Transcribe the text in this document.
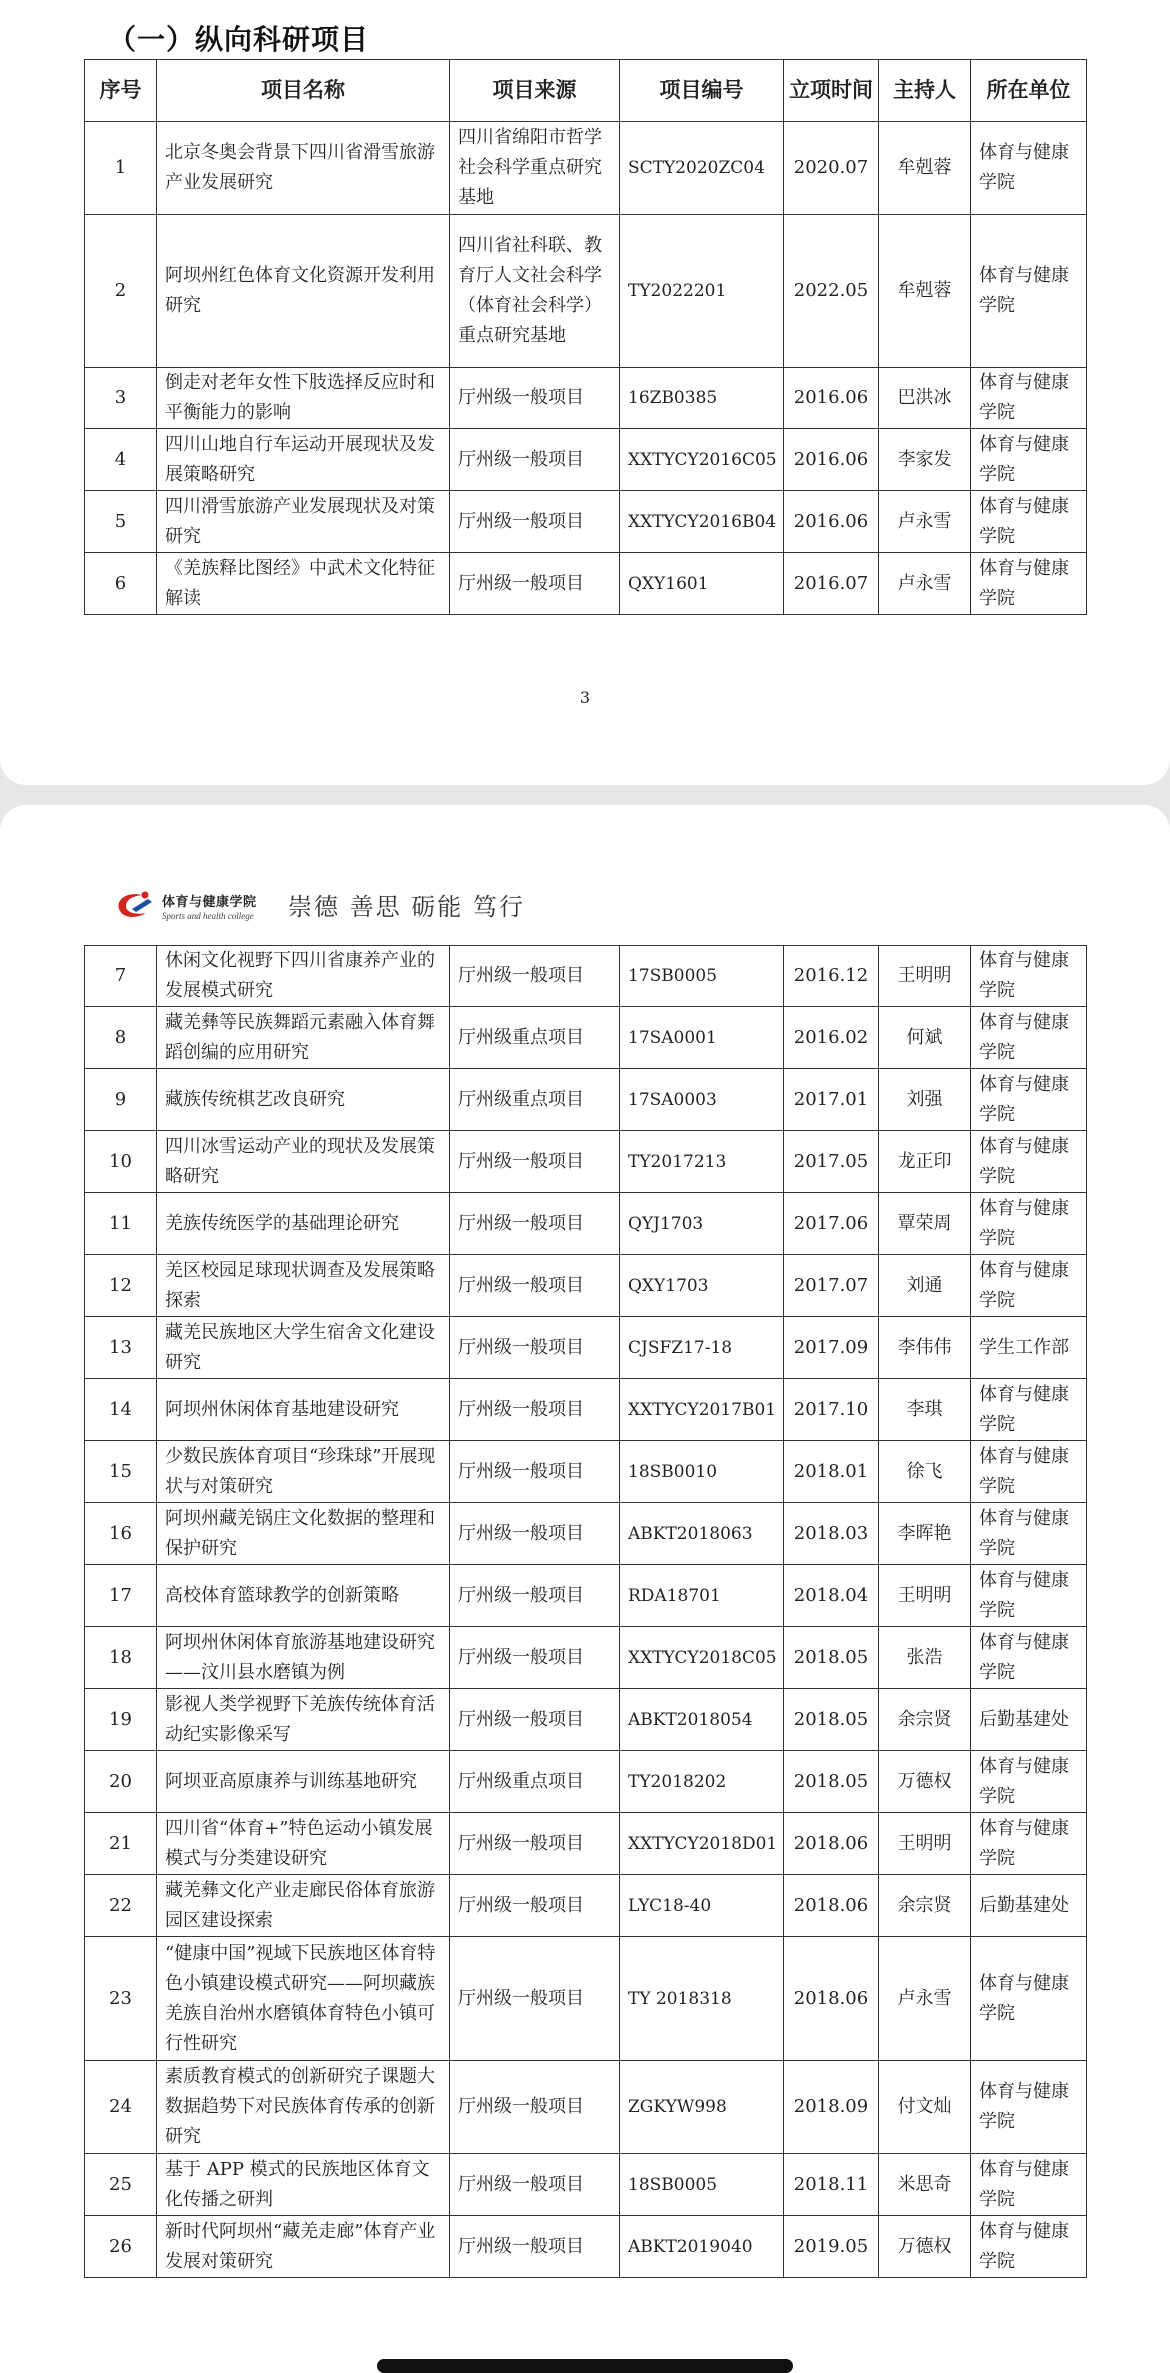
（一）纵向科研项目
序号	项目名称	项目来源	项目编号	立项时间	主持人	所在单位
1	北京冬奥会背景下四川省滑雪旅游产业发展研究	四川省绵阳市哲学社会科学重点研究基地	SCTY2020ZC04	2020.07	牟剋蓉	体育与健康学院
2	阿坝州红色体育文化资源开发利用研究	四川省社科联、教育厅人文社会科学（体育社会科学）重点研究基地	TY2022201	2022.05	牟剋蓉	体育与健康学院
3	倒走对老年女性下肢选择反应时和平衡能力的影响	厅州级一般项目	16ZB0385	2016.06	巴洪冰	体育与健康学院
4	四川山地自行车运动开展现状及发展策略研究	厅州级一般项目	XXTYCY2016C05	2016.06	李家发	体育与健康学院
5	四川滑雪旅游产业发展现状及对策研究	厅州级一般项目	XXTYCY2016B04	2016.06	卢永雪	体育与健康学院
6	《羌族释比图经》中武术文化特征解读	厅州级一般项目	QXY1601	2016.07	卢永雪	体育与健康学院
3
体育与健康学院
Sports and health college 崇德 善思 砺能 笃行
7	休闲文化视野下四川省康养产业的发展模式研究	厅州级一般项目	17SB0005	2016.12	王明明	体育与健康学院
8	藏羌彝等民族舞蹈元素融入体育舞蹈创编的应用研究	厅州级重点项目	17SA0001	2016.02	何斌	体育与健康学院
9	藏族传统棋艺改良研究	厅州级重点项目	17SA0003	2017.01	刘强	体育与健康学院
10	四川冰雪运动产业的现状及发展策略研究	厅州级一般项目	TY2017213	2017.05	龙正印	体育与健康学院
11	羌族传统医学的基础理论研究	厅州级一般项目	QYJ1703	2017.06	覃荣周	体育与健康学院
12	羌区校园足球现状调查及发展策略探索	厅州级一般项目	QXY1703	2017.07	刘通	体育与健康学院
13	藏羌民族地区大学生宿舍文化建设研究	厅州级一般项目	CJSFZ17-18	2017.09	李伟伟	学生工作部
14	阿坝州休闲体育基地建设研究	厅州级一般项目	XXTYCY2017B01	2017.10	李琪	体育与健康学院
15	少数民族体育项目“珍珠球”开展现状与对策研究	厅州级一般项目	18SB0010	2018.01	徐飞	体育与健康学院
16	阿坝州藏羌锅庄文化数据的整理和保护研究	厅州级一般项目	ABKT2018063	2018.03	李晖艳	体育与健康学院
17	高校体育篮球教学的创新策略	厅州级一般项目	RDA18701	2018.04	王明明	体育与健康学院
18	阿坝州休闲体育旅游基地建设研究——汶川县水磨镇为例	厅州级一般项目	XXTYCY2018C05	2018.05	张浩	体育与健康学院
19	影视人类学视野下羌族传统体育活动纪实影像采写	厅州级一般项目	ABKT2018054	2018.05	余宗贤	后勤基建处
20	阿坝亚高原康养与训练基地研究	厅州级重点项目	TY2018202	2018.05	万德权	体育与健康学院
21	四川省“体育+”特色运动小镇发展模式与分类建设研究	厅州级一般项目	XXTYCY2018D01	2018.06	王明明	体育与健康学院
22	藏羌彝文化产业走廊民俗体育旅游园区建设探索	厅州级一般项目	LYC18-40	2018.06	余宗贤	后勤基建处
23	“健康中国”视域下民族地区体育特色小镇建设模式研究——阿坝藏族羌族自治州水磨镇体育特色小镇可行性研究	厅州级一般项目	TY 2018318	2018.06	卢永雪	体育与健康学院
24	素质教育模式的创新研究子课题大数据趋势下对民族体育传承的创新研究	厅州级一般项目	ZGKYW998	2018.09	付文灿	体育与健康学院
25	基于 APP 模式的民族地区体育文化传播之研判	厅州级一般项目	18SB0005	2018.11	米思奇	体育与健康学院
26	新时代阿坝州“藏羌走廊”体育产业发展对策研究	厅州级一般项目	ABKT2019040	2019.05	万德权	体育与健康学院
